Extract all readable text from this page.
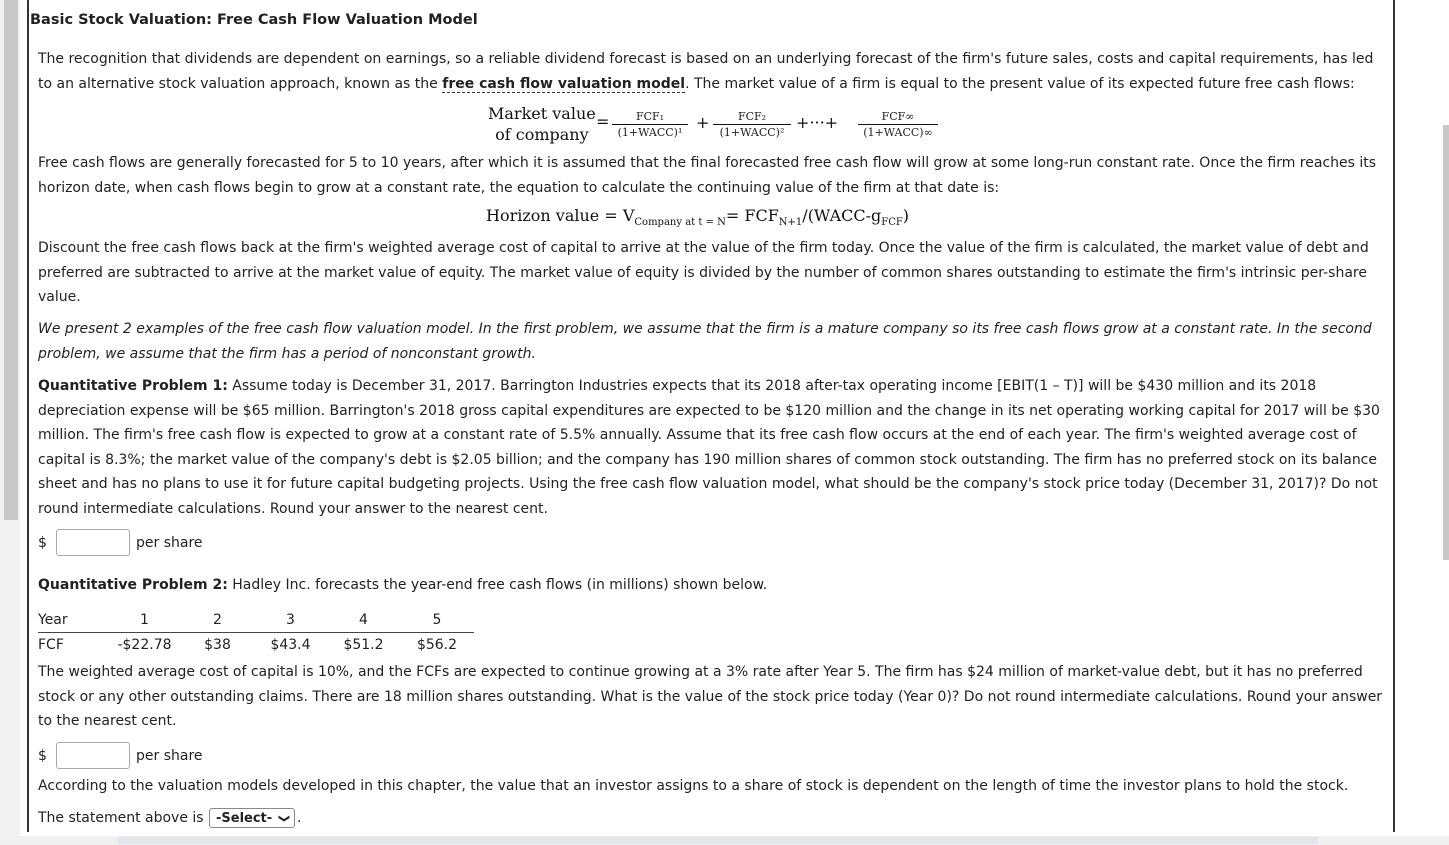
Basic Stock Valuation: Free Cash Flow Valuation Model
The recognition that dividends are dependent on earnings, so a reliable dividend forecast is based on an underlying forecast of the firm's future sales, costs and capital requirements, has led to an alternative stock valuation approach, known as the free cash flow valuation model. The market value of a firm is equal to the present value of its expected future free cash flows:
Market value
of company
=	FCF₁
(1+WACC)¹
+	FCF₂
(1+WACC)²
+···+	FCF∞
(1+WACC)∞
Free cash flows are generally forecasted for 5 to 10 years, after which it is assumed that the final forecasted free cash flow will grow at some long-run constant rate. Once the firm reaches its horizon date, when cash flows begin to grow at a constant rate, the equation to calculate the continuing value of the firm at that date is:
Horizon value = $V_{Company at t = N}=$ $FCF_{N+1}/(WACC-g_{FCF})$
Discount the free cash flows back at the firm's weighted average cost of capital to arrive at the value of the firm today. Once the value of the firm is calculated, the market value of debt and preferred are subtracted to arrive at the market value of equity. The market value of equity is divided by the number of common shares outstanding to estimate the firm's intrinsic per-share value.
We present 2 examples of the free cash flow valuation model. In the first problem, we assume that the firm is a mature company so its free cash flows grow at a constant rate. In the second problem, we assume that the firm has a period of nonconstant growth.
Quantitative Problem 1: Assume today is December 31, 2017. Barrington Industries expects that its 2018 after-tax operating income [EBIT(1 – T)] will be $430 million and its 2018 depreciation expense will be $65 million. Barrington's 2018 gross capital expenditures are expected to be $120 million and the change in its net operating working capital for 2017 will be $30 million. The firm's free cash flow is expected to grow at a constant rate of 5.5% annually. Assume that its free cash flow occurs at the end of each year. The firm's weighted average cost of capital is 8.3%; the market value of the company's debt is $2.05 billion; and the company has 190 million shares of common stock outstanding. The firm has no preferred stock on its balance sheet and has no plans to use it for future capital budgeting projects. Using the free cash flow valuation model, what should be the company's stock price today (December 31, 2017)? Do not round intermediate calculations. Round your answer to the nearest cent.
$	per share
Quantitative Problem 2: Hadley Inc. forecasts the year-end free cash flows (in millions) shown below.
Year	1	2	3	4	5
FCF	-$22.78	$38	$43.4	$51.2	$56.2
The weighted average cost of capital is 10%, and the FCFs are expected to continue growing at a 3% rate after Year 5. The firm has $24 million of market-value debt, but it has no preferred stock or any other outstanding claims. There are 18 million shares outstanding. What is the value of the stock price today (Year 0)? Do not round intermediate calculations. Round your answer to the nearest cent.
$	per share
According to the valuation models developed in this chapter, the value that an investor assigns to a share of stock is dependent on the length of time the investor plans to hold the stock.
The statement above is -Select- ❯ .
